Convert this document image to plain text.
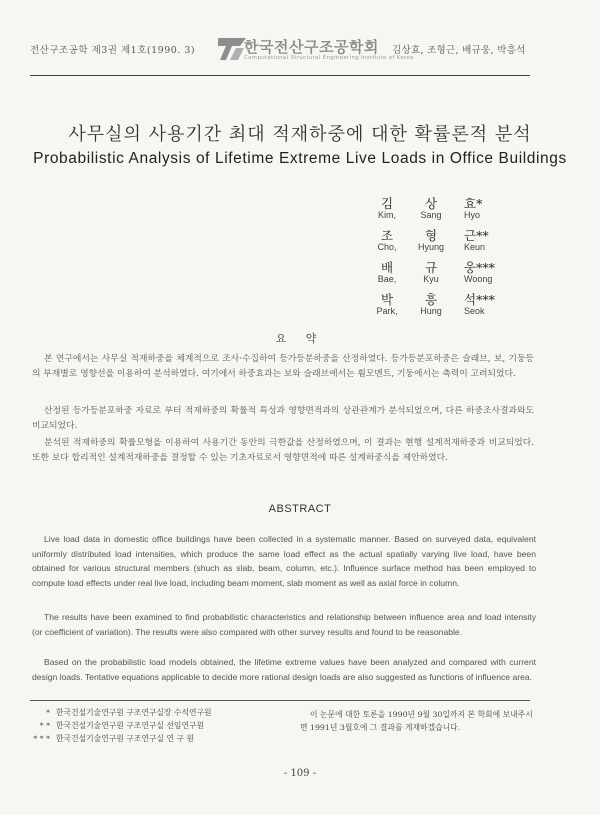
전산구조공학 제3권 제1호(1990. 3)	한국전산구조공학회
Computational Structural Engineering Institute of Korea
김상효, 조형근, 배규웅, 박흥석
사무실의 사용기간 최대 적재하중에 대한 확률론적 분석
Probabilistic Analysis of Lifetime Extreme Live Loads in Office Buildings
김	상	효*
Kim,	Sang	Hyo
조	형	근**
Cho,	Hyung	Keun
배	규	웅***
Bae,	Kyu	Woong
박	흥	석***
Park,	Hung	Seok
요 약

본 연구에서는 사무실 적재하중을 체계적으로 조사·수집하여 등가등분하중을 산정하였다. 등가등분포하중은 슬래브, 보, 기둥등의 부재별로 영향선을 이용하여 분석하였다. 여기에서 하중효과는 보와 슬래브에서는 휨모멘트, 기둥에서는 축력이 고려되었다.

산정된 등가등분포하중 자료로 부터 적재하중의 확률적 특성과 영향면적과의 상관관계가 분석되었으며, 다른 하중조사결과와도 비교되었다.

분석된 적재하중의 확률모형을 이용하여 사용기간 동안의 극한값을 산정하였으며, 이 결과는 현행 설계적재하중과 비교되었다. 또한 보다 합리적인 설계적재하중을 결정할 수 있는 기초자료로서 영향면적에 따른 설계하중식을 제안하였다.

ABSTRACT

Live load data in domestic office buildings have been collected in a systematic manner. Based on surveyed data, equivalent uniformly distributed load intensities, which produce the same load effect as the actual spatially varying live load, have been obtained for various structural members (shuch as slab, beam, column, etc.). Influence surface method has been employed to compute load effects under real live load, including beam moment, slab moment as well as axial force in column.

The results have been examined to find probabilistic characteristics and relationship between influence area and load intensity (or coefficient of variation). The results were also compared with other survey results and found to be reasonable.

Based on the probabilistic load models obtained, the lifetime extreme values have been analyzed and compared with current design loads. Tentative equations applicable to decide more rational design loads are also suggested as functions of influence area.

* 한국건설기술연구원 구조연구실장 수석연구원
* * 한국건설기술연구원 구조연구실 선임연구원
* * * 한국건설기술연구원 구조연구실 연 구 원

이 논문에 대한 토론을 1990년 9월 30일까지 본 학회에 보내주시면 1991년 3월호에 그 결과를 게재하겠습니다.

- 109 -
